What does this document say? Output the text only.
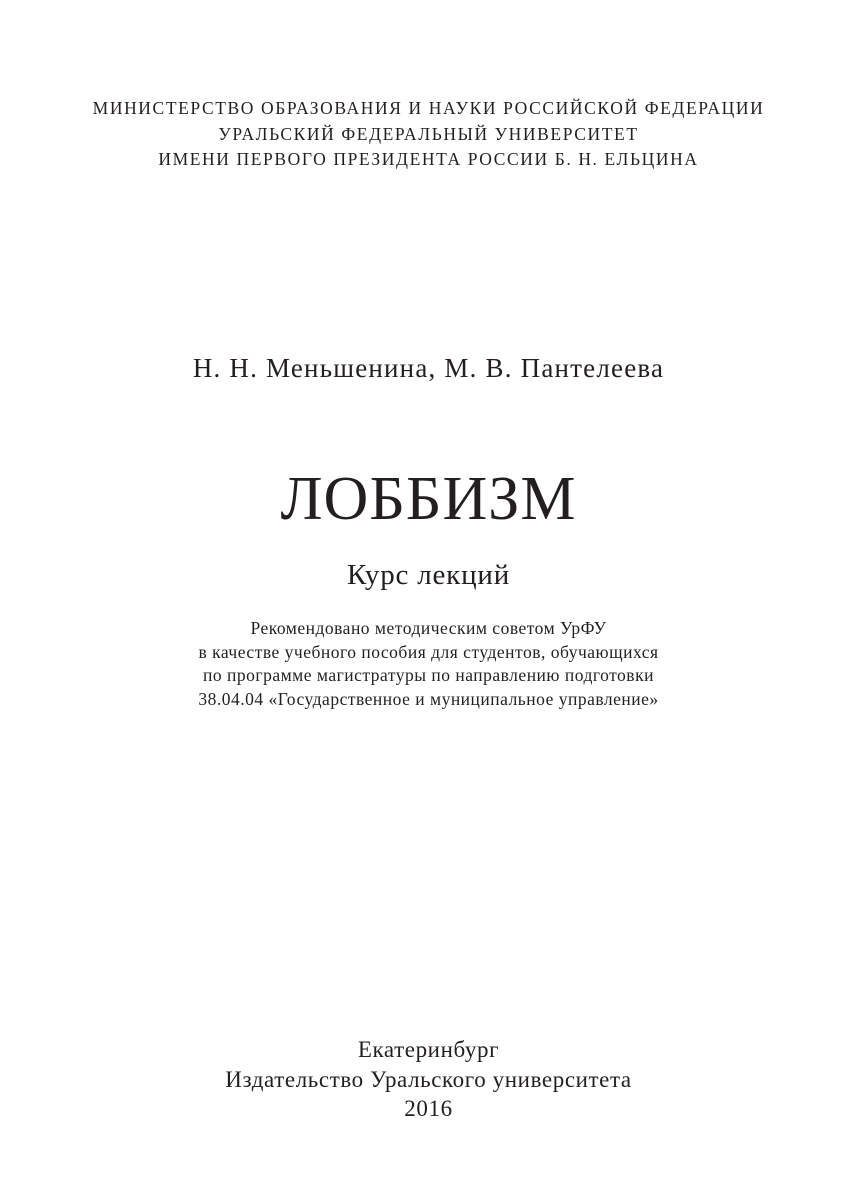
МИНИСТЕРСТВО ОБРАЗОВАНИЯ И НАУКИ РОССИЙСКОЙ ФЕДЕРАЦИИ
УРАЛЬСКИЙ ФЕДЕРАЛЬНЫЙ УНИВЕРСИТЕТ
ИМЕНИ ПЕРВОГО ПРЕЗИДЕНТА РОССИИ Б. Н. ЕЛЬЦИНА
Н. Н. Меньшенина, М. В. Пантелеева
ЛОББИЗМ
Курс лекций
Рекомендовано методическим советом УрФУ
в качестве учебного пособия для студентов, обучающихся
по программе магистратуры по направлению подготовки
38.04.04 «Государственное и муниципальное управление»
Екатеринбург
Издательство Уральского университета
2016
